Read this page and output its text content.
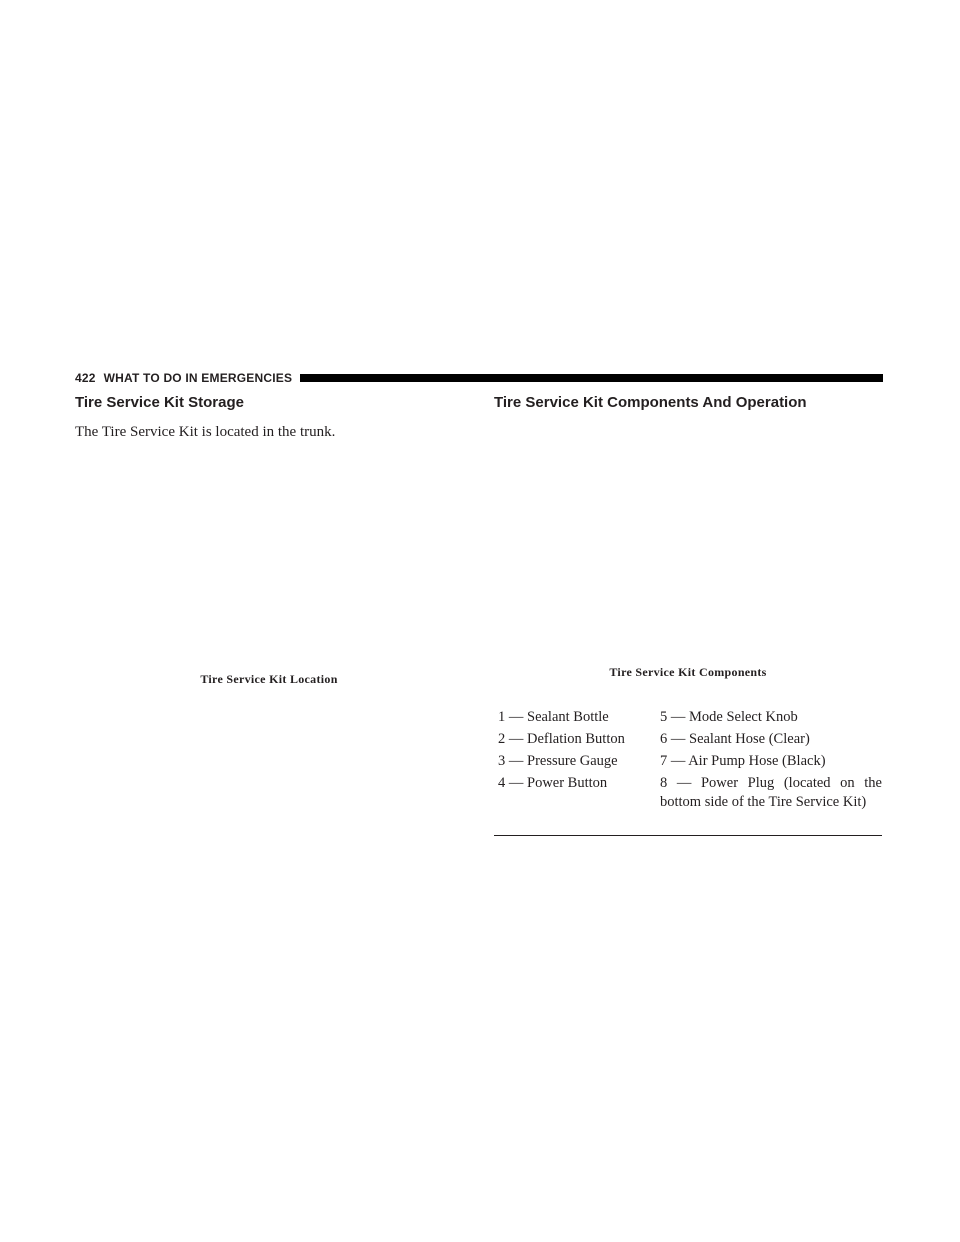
422 WHAT TO DO IN EMERGENCIES
Tire Service Kit Storage
The Tire Service Kit is located in the trunk.
Tire Service Kit Location
Tire Service Kit Components And Operation
Tire Service Kit Components
1 — Sealant Bottle	5 — Mode Select Knob
2 — Deflation Button	6 — Sealant Hose (Clear)
3 — Pressure Gauge	7 — Air Pump Hose (Black)
4 — Power Button	8 — Power Plug (located on the bottom side of the Tire Service Kit)
